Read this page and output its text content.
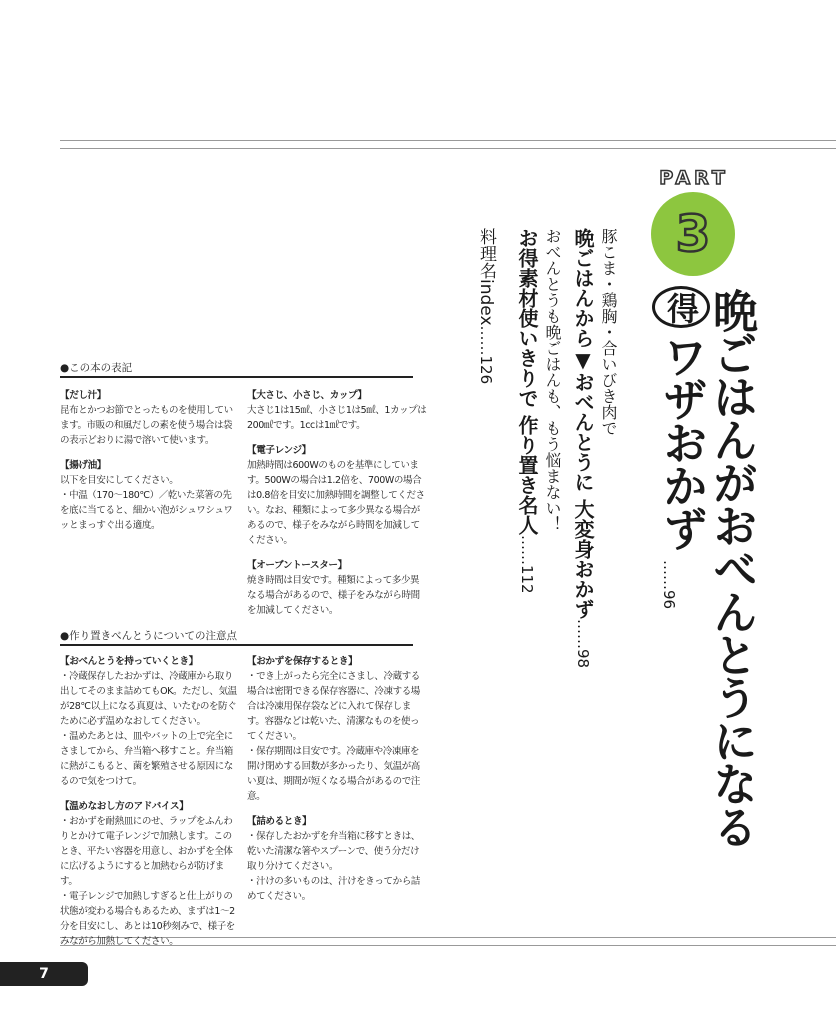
PART
3
晩ごはんがおべんとうになる
得ワザおかず
……96
豚こま・鶏胸・合いびき肉で
晩ごはんから▼おべんとうに 大変身おかず……98
おべんとうも晩ごはんも、もう悩まない！
お得素材使いきりで 作り置き名人……112
料理名index……126
●この本の表記
【だし汁】

昆布とかつお節でとったものを使用しています。市販の和風だしの素を使う場合は袋の表示どおりに湯で溶いて使います。

【揚げ油】

以下を目安にしてください。

・中温（170〜180℃）／乾いた菜箸の先を底に当てると、細かい泡がシュワシュワッとまっすぐ出る適度。

【大さじ、小さじ、カップ】

大さじ1は15㎖、小さじ1は5㎖、1カップは200㎖です。1ccは1㎖です。

【電子レンジ】

加熱時間は600Wのものを基準にしています。500Wの場合は1.2倍を、700Wの場合は0.8倍を目安に加熱時間を調整してください。なお、種類によって多少異なる場合があるので、様子をみながら時間を加減してください。

【オーブントースター】

焼き時間は目安です。種類によって多少異なる場合があるので、様子をみながら時間を加減してください。

●作り置きべんとうについての注意点
【おべんとうを持っていくとき】

・冷蔵保存したおかずは、冷蔵庫から取り出してそのまま詰めてもOK。ただし、気温が28℃以上になる真夏は、いたむのを防ぐために必ず温めなおしてください。

・温めたあとは、皿やバットの上で完全にさましてから、弁当箱へ移すこと。弁当箱に熱がこもると、菌を繁殖させる原因になるので気をつけて。

【温めなおし方のアドバイス】

・おかずを耐熱皿にのせ、ラップをふんわりとかけて電子レンジで加熱します。このとき、平たい容器を用意し、おかずを全体に広げるようにすると加熱むらが防げます。

・電子レンジで加熱しすぎると仕上がりの状態が変わる場合もあるため、まずは1〜2分を目安にし、あとは10秒刻みで、様子をみながら加熱してください。

【おかずを保存するとき】

・でき上がったら完全にさまし、冷蔵する場合は密閉できる保存容器に、冷凍する場合は冷凍用保存袋などに入れて保存します。容器などは乾いた、清潔なものを使ってください。

・保存期間は目安です。冷蔵庫や冷凍庫を開け閉めする回数が多かったり、気温が高い夏は、期間が短くなる場合があるので注意。

【詰めるとき】

・保存したおかずを弁当箱に移すときは、乾いた清潔な箸やスプーンで、使う分だけ取り分けてください。

・汁けの多いものは、汁けをきってから詰めてください。

7
